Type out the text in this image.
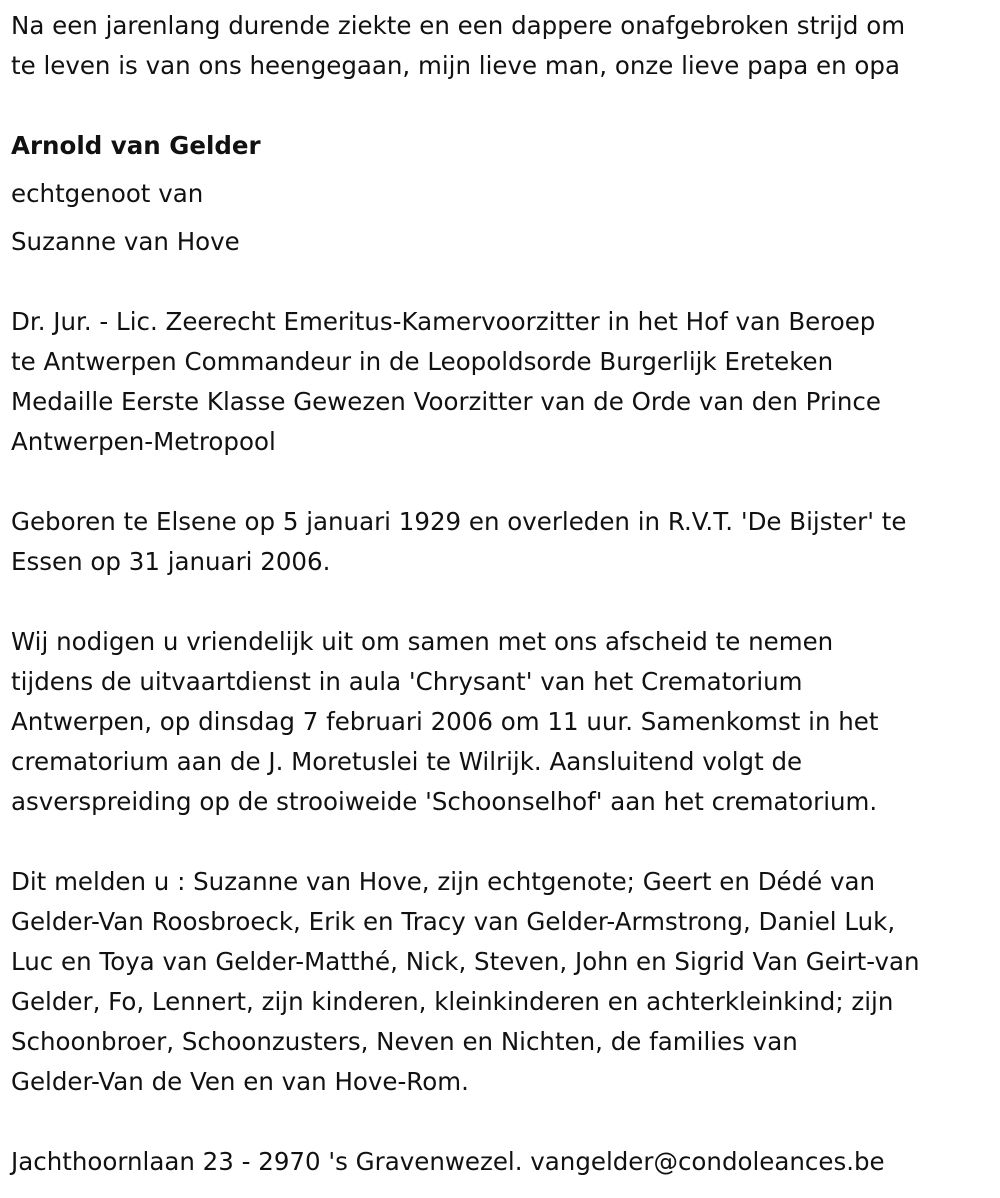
Na een jarenlang durende ziekte en een dappere onafgebroken strijd om
te leven is van ons heengegaan, mijn lieve man, onze lieve papa en opa

Arnold van Gelder

echtgenoot van

Suzanne van Hove

Dr. Jur. - Lic. Zeerecht Emeritus-Kamervoorzitter in het Hof van Beroep
te Antwerpen Commandeur in de Leopoldsorde Burgerlijk Ereteken
Medaille Eerste Klasse Gewezen Voorzitter van de Orde van den Prince
Antwerpen-Metropool

Geboren te Elsene op 5 januari 1929 en overleden in R.V.T. 'De Bijster' te
Essen op 31 januari 2006.

Wij nodigen u vriendelijk uit om samen met ons afscheid te nemen
tijdens de uitvaartdienst in aula 'Chrysant' van het Crematorium
Antwerpen, op dinsdag 7 februari 2006 om 11 uur. Samenkomst in het
crematorium aan de J. Moretuslei te Wilrijk. Aansluitend volgt de
asverspreiding op de strooiweide 'Schoonselhof' aan het crematorium.

Dit melden u : Suzanne van Hove, zijn echtgenote; Geert en Dédé van
Gelder-Van Roosbroeck, Erik en Tracy van Gelder-Armstrong, Daniel Luk,
Luc en Toya van Gelder-Matthé, Nick, Steven, John en Sigrid Van Geirt-van
Gelder, Fo, Lennert, zijn kinderen, kleinkinderen en achterkleinkind; zijn
Schoonbroer, Schoonzusters, Neven en Nichten, de families van
Gelder-Van de Ven en van Hove-Rom.

Jachthoornlaan 23 - 2970 's Gravenwezel. vangelder@condoleances.be
